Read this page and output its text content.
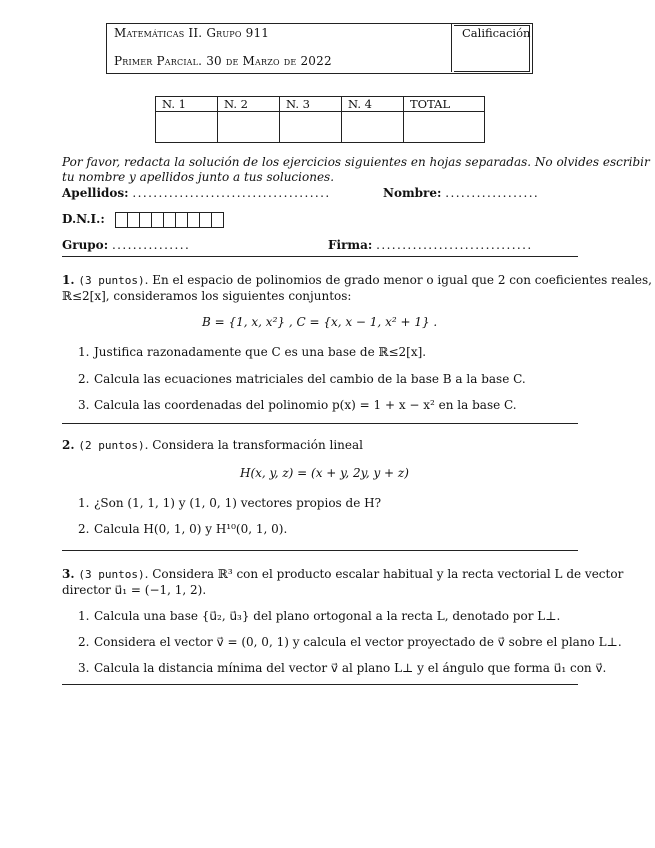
Matemáticas II. Grupo 911
Primer Parcial. 30 de Marzo de 2022
Calificación
N. 1	N. 2	N. 3	N. 4	TOTAL

Por favor, redacta la solución de los ejercicios siguientes en hojas separadas. No olvides escribir
tu nombre y apellidos junto a tus soluciones.
Apellidos: ......................................	Nombre: ..................
D.N.I.:
Grupo: ...............	Firma: ..............................
1. (3 puntos). En el espacio de polinomios de grado menor o igual que 2 con coeficientes reales,
ℝ≤2[x], consideramos los siguientes conjuntos:
B = {1, x, x²} , C = {x, x − 1, x² + 1} .
1. Justifica razonadamente que C es una base de ℝ≤2[x].
2. Calcula las ecuaciones matriciales del cambio de la base B a la base C.
3. Calcula las coordenadas del polinomio p(x) = 1 + x − x² en la base C.
2. (2 puntos). Considera la transformación lineal
H(x, y, z) = (x + y, 2y, y + z)
1. ¿Son (1, 1, 1) y (1, 0, 1) vectores propios de H?
2. Calcula H(0, 1, 0) y H¹⁰(0, 1, 0).
3. (3 puntos). Considera ℝ³ con el producto escalar habitual y la recta vectorial L de vector
director u⃗₁ = (−1, 1, 2).
1. Calcula una base {u⃗₂, u⃗₃} del plano ortogonal a la recta L, denotado por L⊥.
2. Considera el vector v⃗ = (0, 0, 1) y calcula el vector proyectado de v⃗ sobre el plano L⊥.
3. Calcula la distancia mínima del vector v⃗ al plano L⊥ y el ángulo que forma u⃗₁ con v⃗.
